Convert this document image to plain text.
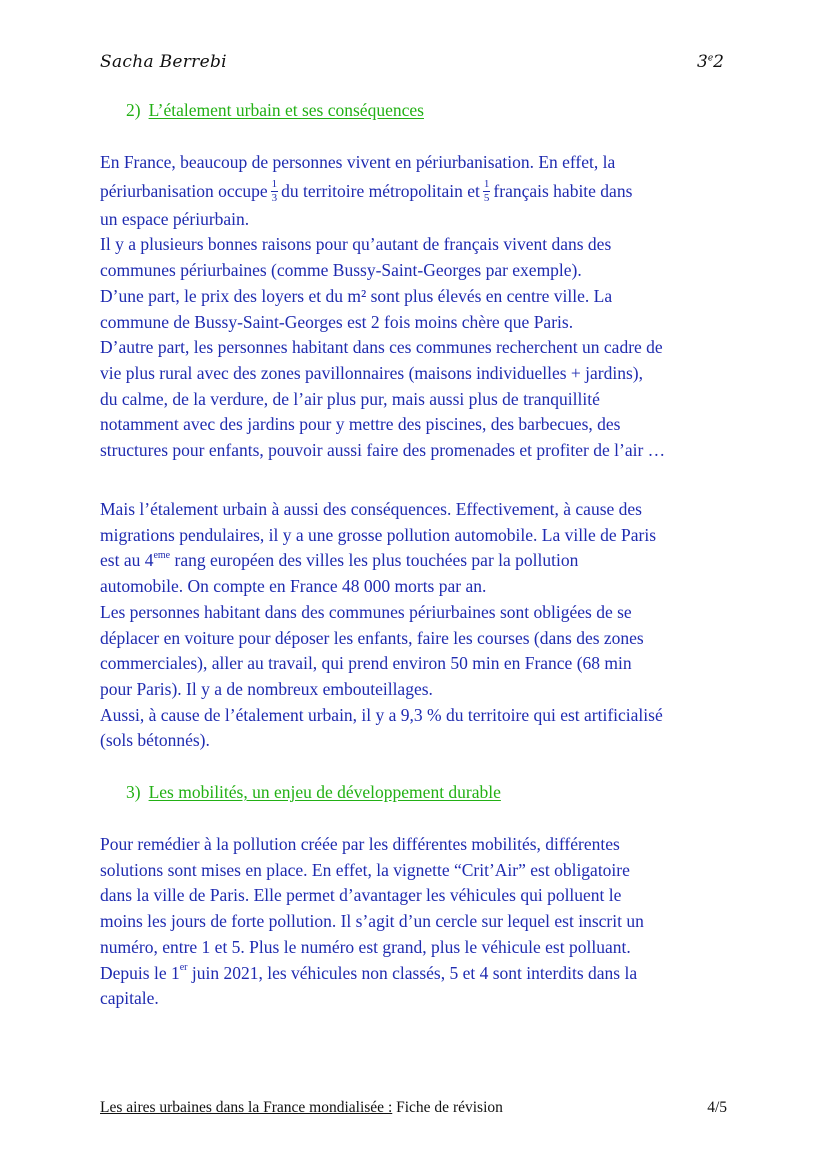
Sacha Berrebi	3e2
2) L’étalement urbain et ses conséquences
En France, beaucoup de personnes vivent en périurbanisation. En effet, la
périurbanisation occupe $\frac{1}{3}$ du territoire métropolitain et $\frac{1}{5}$ français habite dans
un espace périurbain.
Il y a plusieurs bonnes raisons pour qu’autant de français vivent dans des
communes périurbaines (comme Bussy-Saint-Georges par exemple).
D’une part, le prix des loyers et du m² sont plus élevés en centre ville. La
commune de Bussy-Saint-Georges est 2 fois moins chère que Paris.
D’autre part, les personnes habitant dans ces communes recherchent un cadre de
vie plus rural avec des zones pavillonnaires (maisons individuelles + jardins),
du calme, de la verdure, de l’air plus pur, mais aussi plus de tranquillité
notamment avec des jardins pour y mettre des piscines, des barbecues, des
structures pour enfants, pouvoir aussi faire des promenades et profiter de l’air …
Mais l’étalement urbain à aussi des conséquences. Effectivement, à cause des
migrations pendulaires, il y a une grosse pollution automobile. La ville de Paris
est au 4eme rang européen des villes les plus touchées par la pollution
automobile. On compte en France 48 000 morts par an.
Les personnes habitant dans des communes périurbaines sont obligées de se
déplacer en voiture pour déposer les enfants, faire les courses (dans des zones
commerciales), aller au travail, qui prend environ 50 min en France (68 min
pour Paris). Il y a de nombreux embouteillages.
Aussi, à cause de l’étalement urbain, il y a 9,3 % du territoire qui est artificialisé
(sols bétonnés).
3) Les mobilités, un enjeu de développement durable
Pour remédier à la pollution créée par les différentes mobilités, différentes
solutions sont mises en place. En effet, la vignette “Crit’Air” est obligatoire
dans la ville de Paris. Elle permet d’avantager les véhicules qui polluent le
moins les jours de forte pollution. Il s’agit d’un cercle sur lequel est inscrit un
numéro, entre 1 et 5. Plus le numéro est grand, plus le véhicule est polluant.
Depuis le 1er juin 2021, les véhicules non classés, 5 et 4 sont interdits dans la
capitale.
Les aires urbaines dans la France mondialisée : Fiche de révision	4/5
